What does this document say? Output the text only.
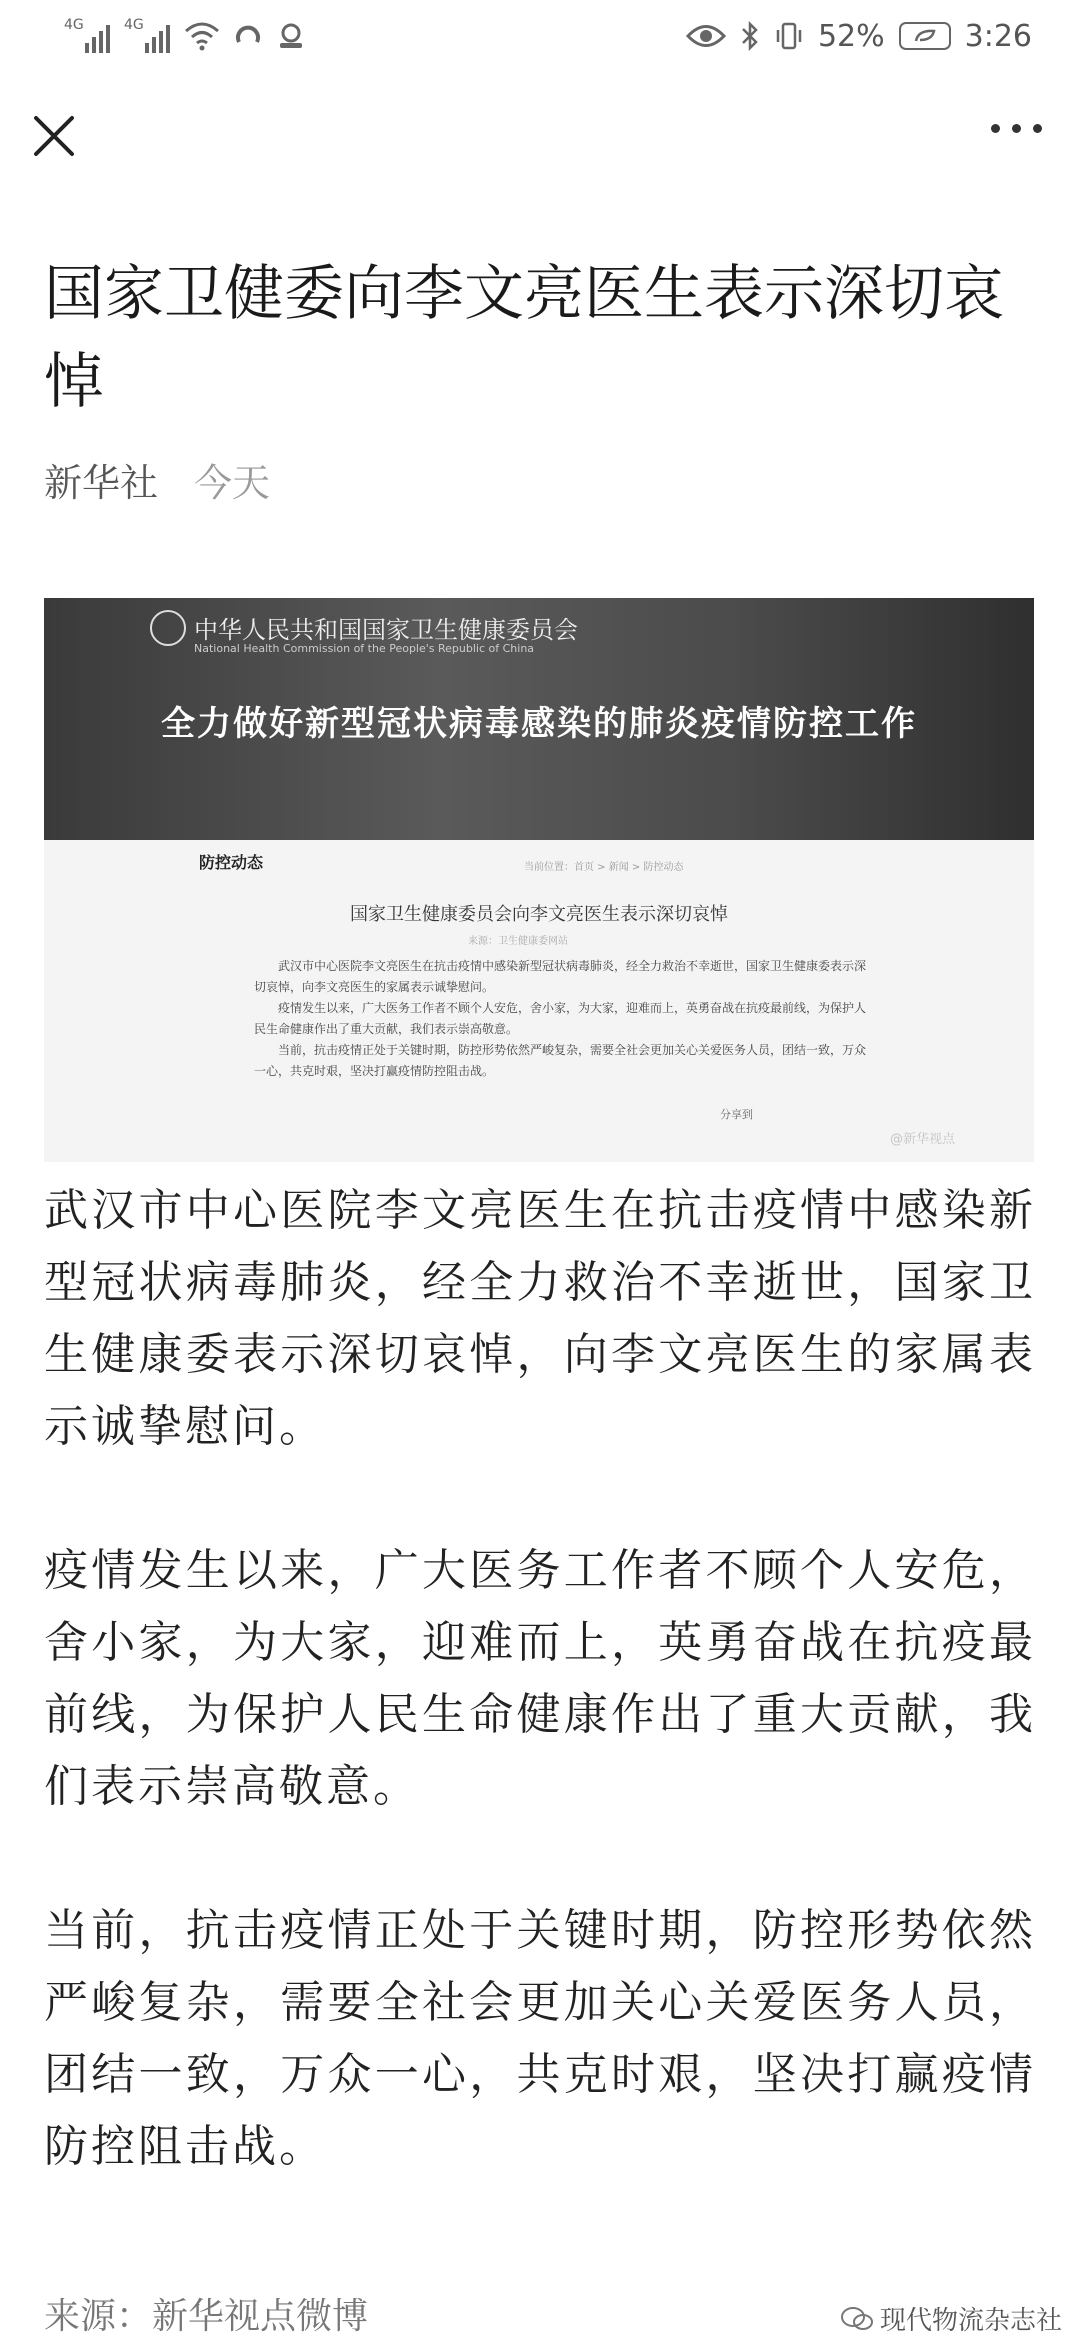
4G	4G	52%	3:26
国家卫健委向李文亮医生表示深切哀悼
新华社 今天
中华人民共和国国家卫生健康委员会
National Health Commission of the People's Republic of China
全力做好新型冠状病毒感染的肺炎疫情防控工作
防控动态	当前位置：首页 > 新闻 > 防控动态
国家卫生健康委员会向李文亮医生表示深切哀悼
来源：卫生健康委网站

武汉市中心医院李文亮医生在抗击疫情中感染新型冠状病毒肺炎，经全力救治不幸逝世，国家卫生健康委表示深切哀悼，向李文亮医生的家属表示诚挚慰问。

疫情发生以来，广大医务工作者不顾个人安危，舍小家，为大家，迎难而上，英勇奋战在抗疫最前线，为保护人民生命健康作出了重大贡献，我们表示崇高敬意。

当前，抗击疫情正处于关键时期，防控形势依然严峻复杂，需要全社会更加关心关爱医务人员，团结一致，万众一心，共克时艰，坚决打赢疫情防控阻击战。

分享到
@新华视点

武汉市中心医院李文亮医生在抗击疫情中感染新型冠状病毒肺炎，经全力救治不幸逝世，国家卫生健康委表示深切哀悼，向李文亮医生的家属表示诚挚慰问。

疫情发生以来，广大医务工作者不顾个人安危，舍小家，为大家，迎难而上，英勇奋战在抗疫最前线，为保护人民生命健康作出了重大贡献，我们表示崇高敬意。

当前，抗击疫情正处于关键时期，防控形势依然严峻复杂，需要全社会更加关心关爱医务人员，团结一致，万众一心，共克时艰，坚决打赢疫情防控阻击战。

来源：新华视点微博	现代物流杂志社
